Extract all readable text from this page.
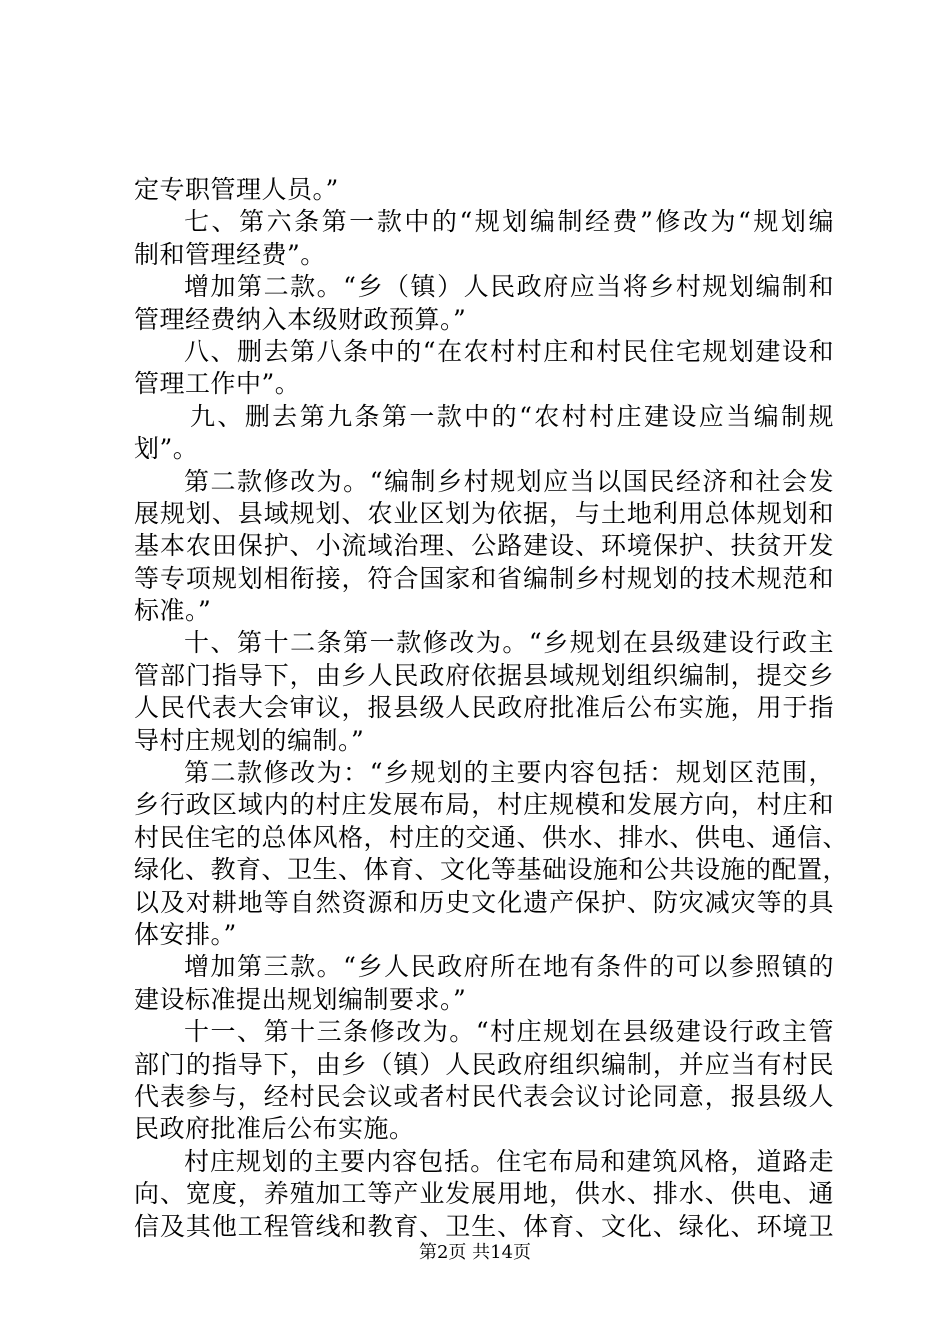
定专职管理人员。”
七、第六条第一款中的“规划编制经费”修改为“规划编
制和管理经费”。
增加第二款。“乡（镇）人民政府应当将乡村规划编制和
管理经费纳入本级财政预算。”
八、删去第八条中的“在农村村庄和村民住宅规划建设和
管理工作中”。
九、删去第九条第一款中的“农村村庄建设应当编制规
划”。
第二款修改为。“编制乡村规划应当以国民经济和社会发
展规划、县域规划、农业区划为依据，与土地利用总体规划和
基本农田保护、小流域治理、公路建设、环境保护、扶贫开发
等专项规划相衔接，符合国家和省编制乡村规划的技术规范和
标准。”
十、第十二条第一款修改为。“乡规划在县级建设行政主
管部门指导下，由乡人民政府依据县域规划组织编制，提交乡
人民代表大会审议，报县级人民政府批准后公布实施，用于指
导村庄规划的编制。”
第二款修改为：“乡规划的主要内容包括：规划区范围，
乡行政区域内的村庄发展布局，村庄规模和发展方向，村庄和
村民住宅的总体风格，村庄的交通、供水、排水、供电、通信、
绿化、教育、卫生、体育、文化等基础设施和公共设施的配置，
以及对耕地等自然资源和历史文化遗产保护、防灾减灾等的具
体安排。”
增加第三款。“乡人民政府所在地有条件的可以参照镇的
建设标准提出规划编制要求。”
十一、第十三条修改为。“村庄规划在县级建设行政主管
部门的指导下，由乡（镇）人民政府组织编制，并应当有村民
代表参与，经村民会议或者村民代表会议讨论同意，报县级人
民政府批准后公布实施。
村庄规划的主要内容包括。住宅布局和建筑风格，道路走
向、宽度，养殖加工等产业发展用地，供水、排水、供电、通
信及其他工程管线和教育、卫生、体育、文化、绿化、环境卫
第2页 共14页
